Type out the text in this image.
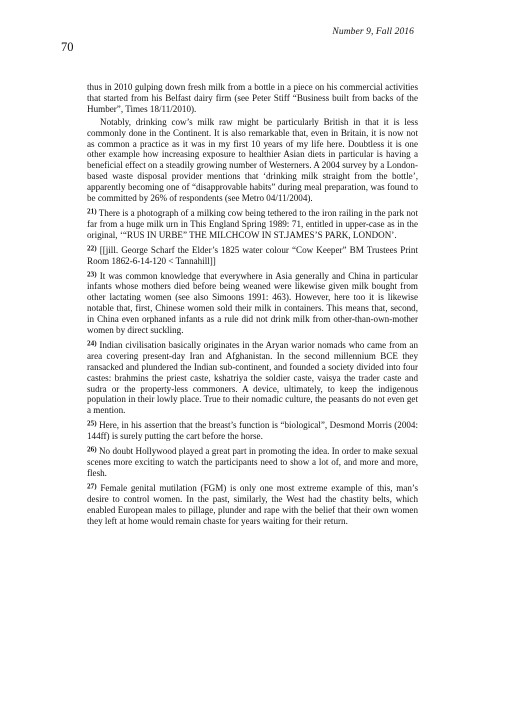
Number 9, Fall 2016
70

thus in 2010 gulping down fresh milk from a bottle in a piece on his commercial activities that started from his Belfast dairy firm (see Peter Stiff “Business built from backs of the Humber”, Times 18/11/2010).

Notably, drinking cow’s milk raw might be particularly British in that it is less commonly done in the Continent. It is also remarkable that, even in Britain, it is now not as common a practice as it was in my first 10 years of my life here. Doubtless it is one other example how increasing exposure to healthier Asian diets in particular is having a beneficial effect on a steadily growing number of Westerners. A 2004 survey by a London-based waste disposal provider mentions that ‘drinking milk straight from the bottle’, apparently becoming one of “disapprovable habits” during meal preparation, was found to be committed by 26% of respondents (see Metro 04/11/2004).

$^{21)}$ There is a photograph of a milking cow being tethered to the iron railing in the park not far from a huge milk urn in This England Spring 1989: 71, entitled in upper-case as in the original, ‘“RUS IN URBE” THE MILCHCOW IN ST.JAMES’S PARK, LONDON’.

$^{22)}$ [[jill. George Scharf the Elder’s 1825 water colour “Cow Keeper” BM Trustees Print Room 1862-6-14-120 < Tannahill]]

$^{23)}$ It was common knowledge that everywhere in Asia generally and China in particular infants whose mothers died before being weaned were likewise given milk bought from other lactating women (see also Simoons 1991: 463). However, here too it is likewise notable that, first, Chinese women sold their milk in containers. This means that, second, in China even orphaned infants as a rule did not drink milk from other-than-own-mother women by direct suckling.

$^{24)}$ Indian civilisation basically originates in the Aryan warior nomads who came from an area covering present-day Iran and Afghanistan. In the second millennium BCE they ransacked and plundered the Indian sub-continent, and founded a society divided into four castes: brahmins the priest caste, kshatriya the soldier caste, vaisya the trader caste and sudra or the property-less commoners. A device, ultimately, to keep the indigenous population in their lowly place. True to their nomadic culture, the peasants do not even get a mention.

$^{25)}$ Here, in his assertion that the breast’s function is “biological”, Desmond Morris (2004: 144ff) is surely putting the cart before the horse.

$^{26)}$ No doubt Hollywood played a great part in promoting the idea. In order to make sexual scenes more exciting to watch the participants need to show a lot of, and more and more, flesh.

$^{27)}$ Female genital mutilation (FGM) is only one most extreme example of this, man’s desire to control women. In the past, similarly, the West had the chastity belts, which enabled European males to pillage, plunder and rape with the belief that their own women they left at home would remain chaste for years waiting for their return.
